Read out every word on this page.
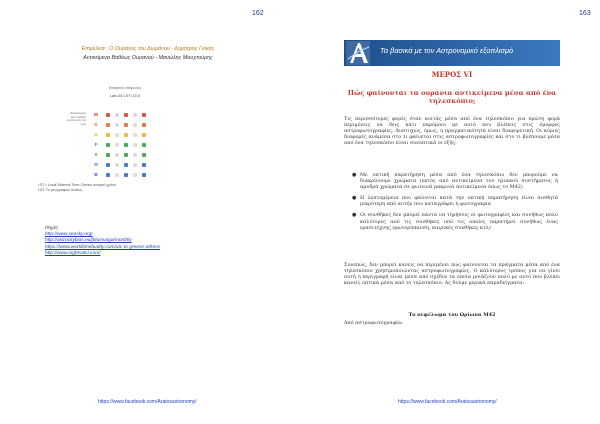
162
Επιμέλεια : Ο Ουρανός του Δωμάνου - Δημήτρης Γκίκας
Αντικείμενα Βαθέως Ουρανού - Μανώλης Μουχτούρης
Επιτρέπεις σπειρώσεις
Lak=24 LST=10.5
Νεφελώματα και Γαλαξίες ορατά αυτή την ώρα
M
K
G
F
A
O
B
LST= Local Sidereal Time=Τοπικό αστρικό χρόνο
LAT: Το γεωγραφικό πλάτος
Πηγές:
http://www.seasky.org/
http://astrocitybias.eu/jblumvaga/monthly
https://www.worldtimebuddy.com/utc-to-greece-athens
http://www.nightsatcl.com/
https://www.facebook.com/Aratosastronomy/
163
Τα βασικά με τον Αστρονομικό εξοπλισμό
ΜΕΡΟΣ VI
Πώς φαίνονται τα ουράνια αντικείμενα μέσα από ένα τηλεσκόπιο;
Τις περισσότερες φορές όταν κοιτάς μέσα από ένα τηλεσκόπιο για πρώτη φορά περιμένεις να δεις κάτι παρόμοιο με αυτό που βλέπεις στις όμορφες αστροφωτογραφίες. Δυστυχώς, όμως, η πραγματικότητα είναι διαφορετική. Οι κύριες διαφορές ανάμεσα στο τι φαίνεται στις αστροφωτογραφίες και στο τι βλέπουμε μέσα από ένα τηλεσκόπιο είναι συνοπτικά οι εξής:
● Με οπτική παρατήρηση μέσα από ένα τηλεσκόπιο δεν μπορούμε να διακρίνουμε χρώματα (εκτός από αντικείμενα του ηλιακού συστήματος ή αμυδρά χρώματα σε φωτεινά μακρινά αντικείμενα όπως το M42)
● Η λεπτομέρεια που φαίνεται κατά την οπτική παρατήρηση είναι αισθητά μικρότερη από αυτήν που καταγράφει η φωτογραφία
● Οι συνθήκες δεν μπορεί πάντα να τηρήσεις οι φωτογραφίες και συνήθως πολύ καλύτερες από τις συνθήκες υπό τις οποίες παρατηρεί συνήθως ένας ερασιτέχνης (φωτορύπανση, καιρικές συνθήκες κτλ)
Συνεπώς, δεν μπορεί κανείς να περιμένει πώς φαίνονται τα πράγματα μέσα από ένα τηλεσκόπιο χρησιμοποιώντας αστροφωτογραφίες. Ο καλύτερος τρόπος για να γίνει αυτή η περιγραφή είναι μέσα από σχέδια τα οποία μοιάζουν πολύ με αυτό που βλέπει κανείς οπτικά μέσα από το τηλεσκόπιο. Ας δούμε μερικά παραδείγματα:
Το νεφέλωμα του Ωρίωνα M42
Από αστροφωτογραφία:
https://www.facebook.com/Aratosastronomy/
